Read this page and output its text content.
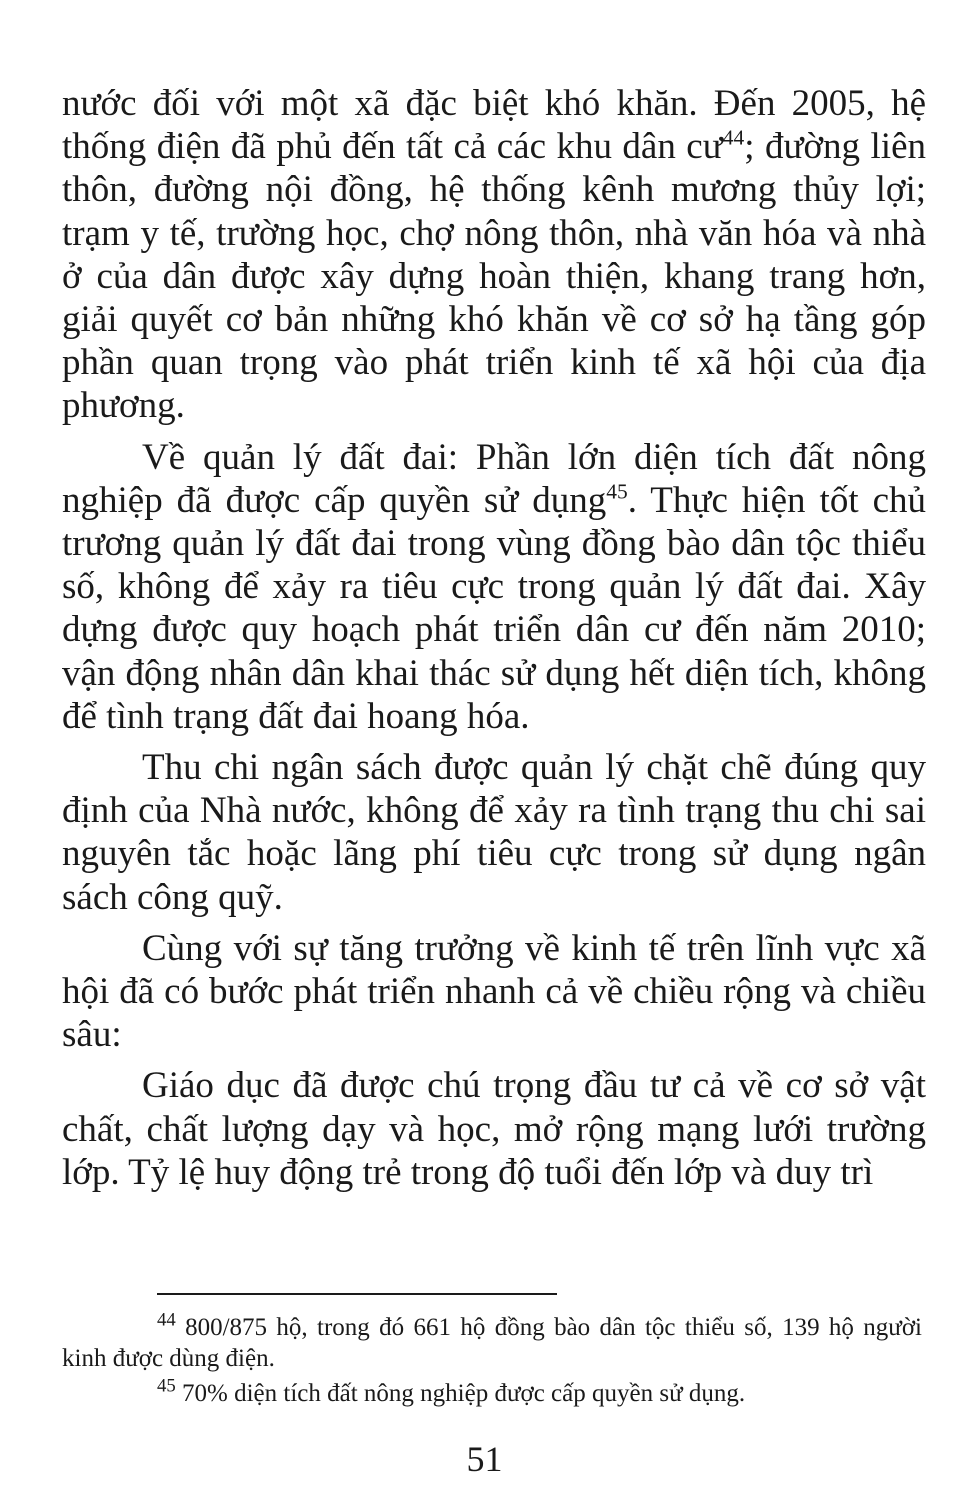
nước đối với một xã đặc biệt khó khăn. Đến 2005, hệ thống điện đã phủ đến tất cả các khu dân $cư^{44}$; đường liên thôn, đường nội đồng, hệ thống kênh mương thủy lợi; trạm y tế, trường học, chợ nông thôn, nhà văn hóa và nhà ở của dân được xây dựng hoàn thiện, khang trang hơn, giải quyết cơ bản những khó khăn về cơ sở hạ tầng góp phần quan trọng vào phát triển kinh tế xã hội của địa phương.

Về quản lý đất đai: Phần lớn diện tích đất nông nghiệp đã được cấp quyền sử dụng$^{45}$. Thực hiện tốt chủ trương quản lý đất đai trong vùng đồng bào dân tộc thiểu số, không để xảy ra tiêu cực trong quản lý đất đai. Xây dựng được quy hoạch phát triển dân cư đến năm 2010; vận động nhân dân khai thác sử dụng hết diện tích, không để tình trạng đất đai hoang hóa.

Thu chi ngân sách được quản lý chặt chẽ đúng quy định của Nhà nước, không để xảy ra tình trạng thu chi sai nguyên tắc hoặc lãng phí tiêu cực trong sử dụng ngân sách công quỹ.

Cùng với sự tăng trưởng về kinh tế trên lĩnh vực xã hội đã có bước phát triển nhanh cả về chiều rộng và chiều sâu:

Giáo dục đã được chú trọng đầu tư cả về cơ sở vật chất, chất lượng dạy và học, mở rộng mạng lưới trường lớp. Tỷ lệ huy động trẻ trong độ tuổi đến lớp và duy trì

$^{44}$ 800/875 hộ, trong đó 661 hộ đồng bào dân tộc thiểu số, 139 hộ người kinh được dùng điện.

$^{45}$ 70% diện tích đất nông nghiệp được cấp quyền sử dụng.

51
